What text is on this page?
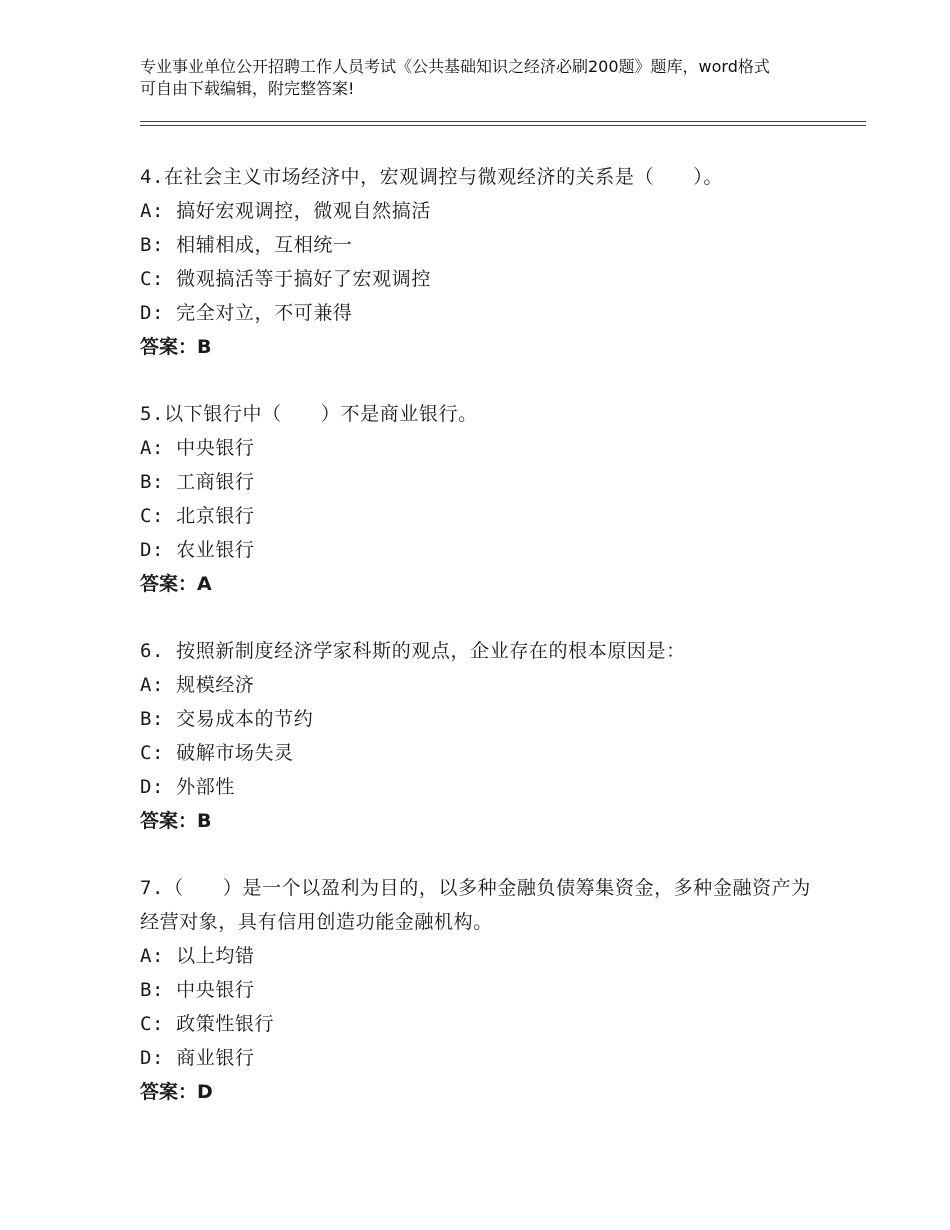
专业事业单位公开招聘工作人员考试《公共基础知识之经济必刷200题》题库，word格式可自由下载编辑，附完整答案!
4.在社会主义市场经济中，宏观调控与微观经济的关系是（　　）。
A: 搞好宏观调控，微观自然搞活
B: 相辅相成，互相统一
C: 微观搞活等于搞好了宏观调控
D: 完全对立，不可兼得
答案：B
5.以下银行中（　　）不是商业银行。
A: 中央银行
B: 工商银行
C: 北京银行
D: 农业银行
答案：A
6. 按照新制度经济学家科斯的观点，企业存在的根本原因是：
A: 规模经济
B: 交易成本的节约
C: 破解市场失灵
D: 外部性
答案：B
7.（　　）是一个以盈利为目的，以多种金融负债筹集资金，多种金融资产为经营对象，具有信用创造功能金融机构。
A: 以上均错
B: 中央银行
C: 政策性银行
D: 商业银行
答案：D
